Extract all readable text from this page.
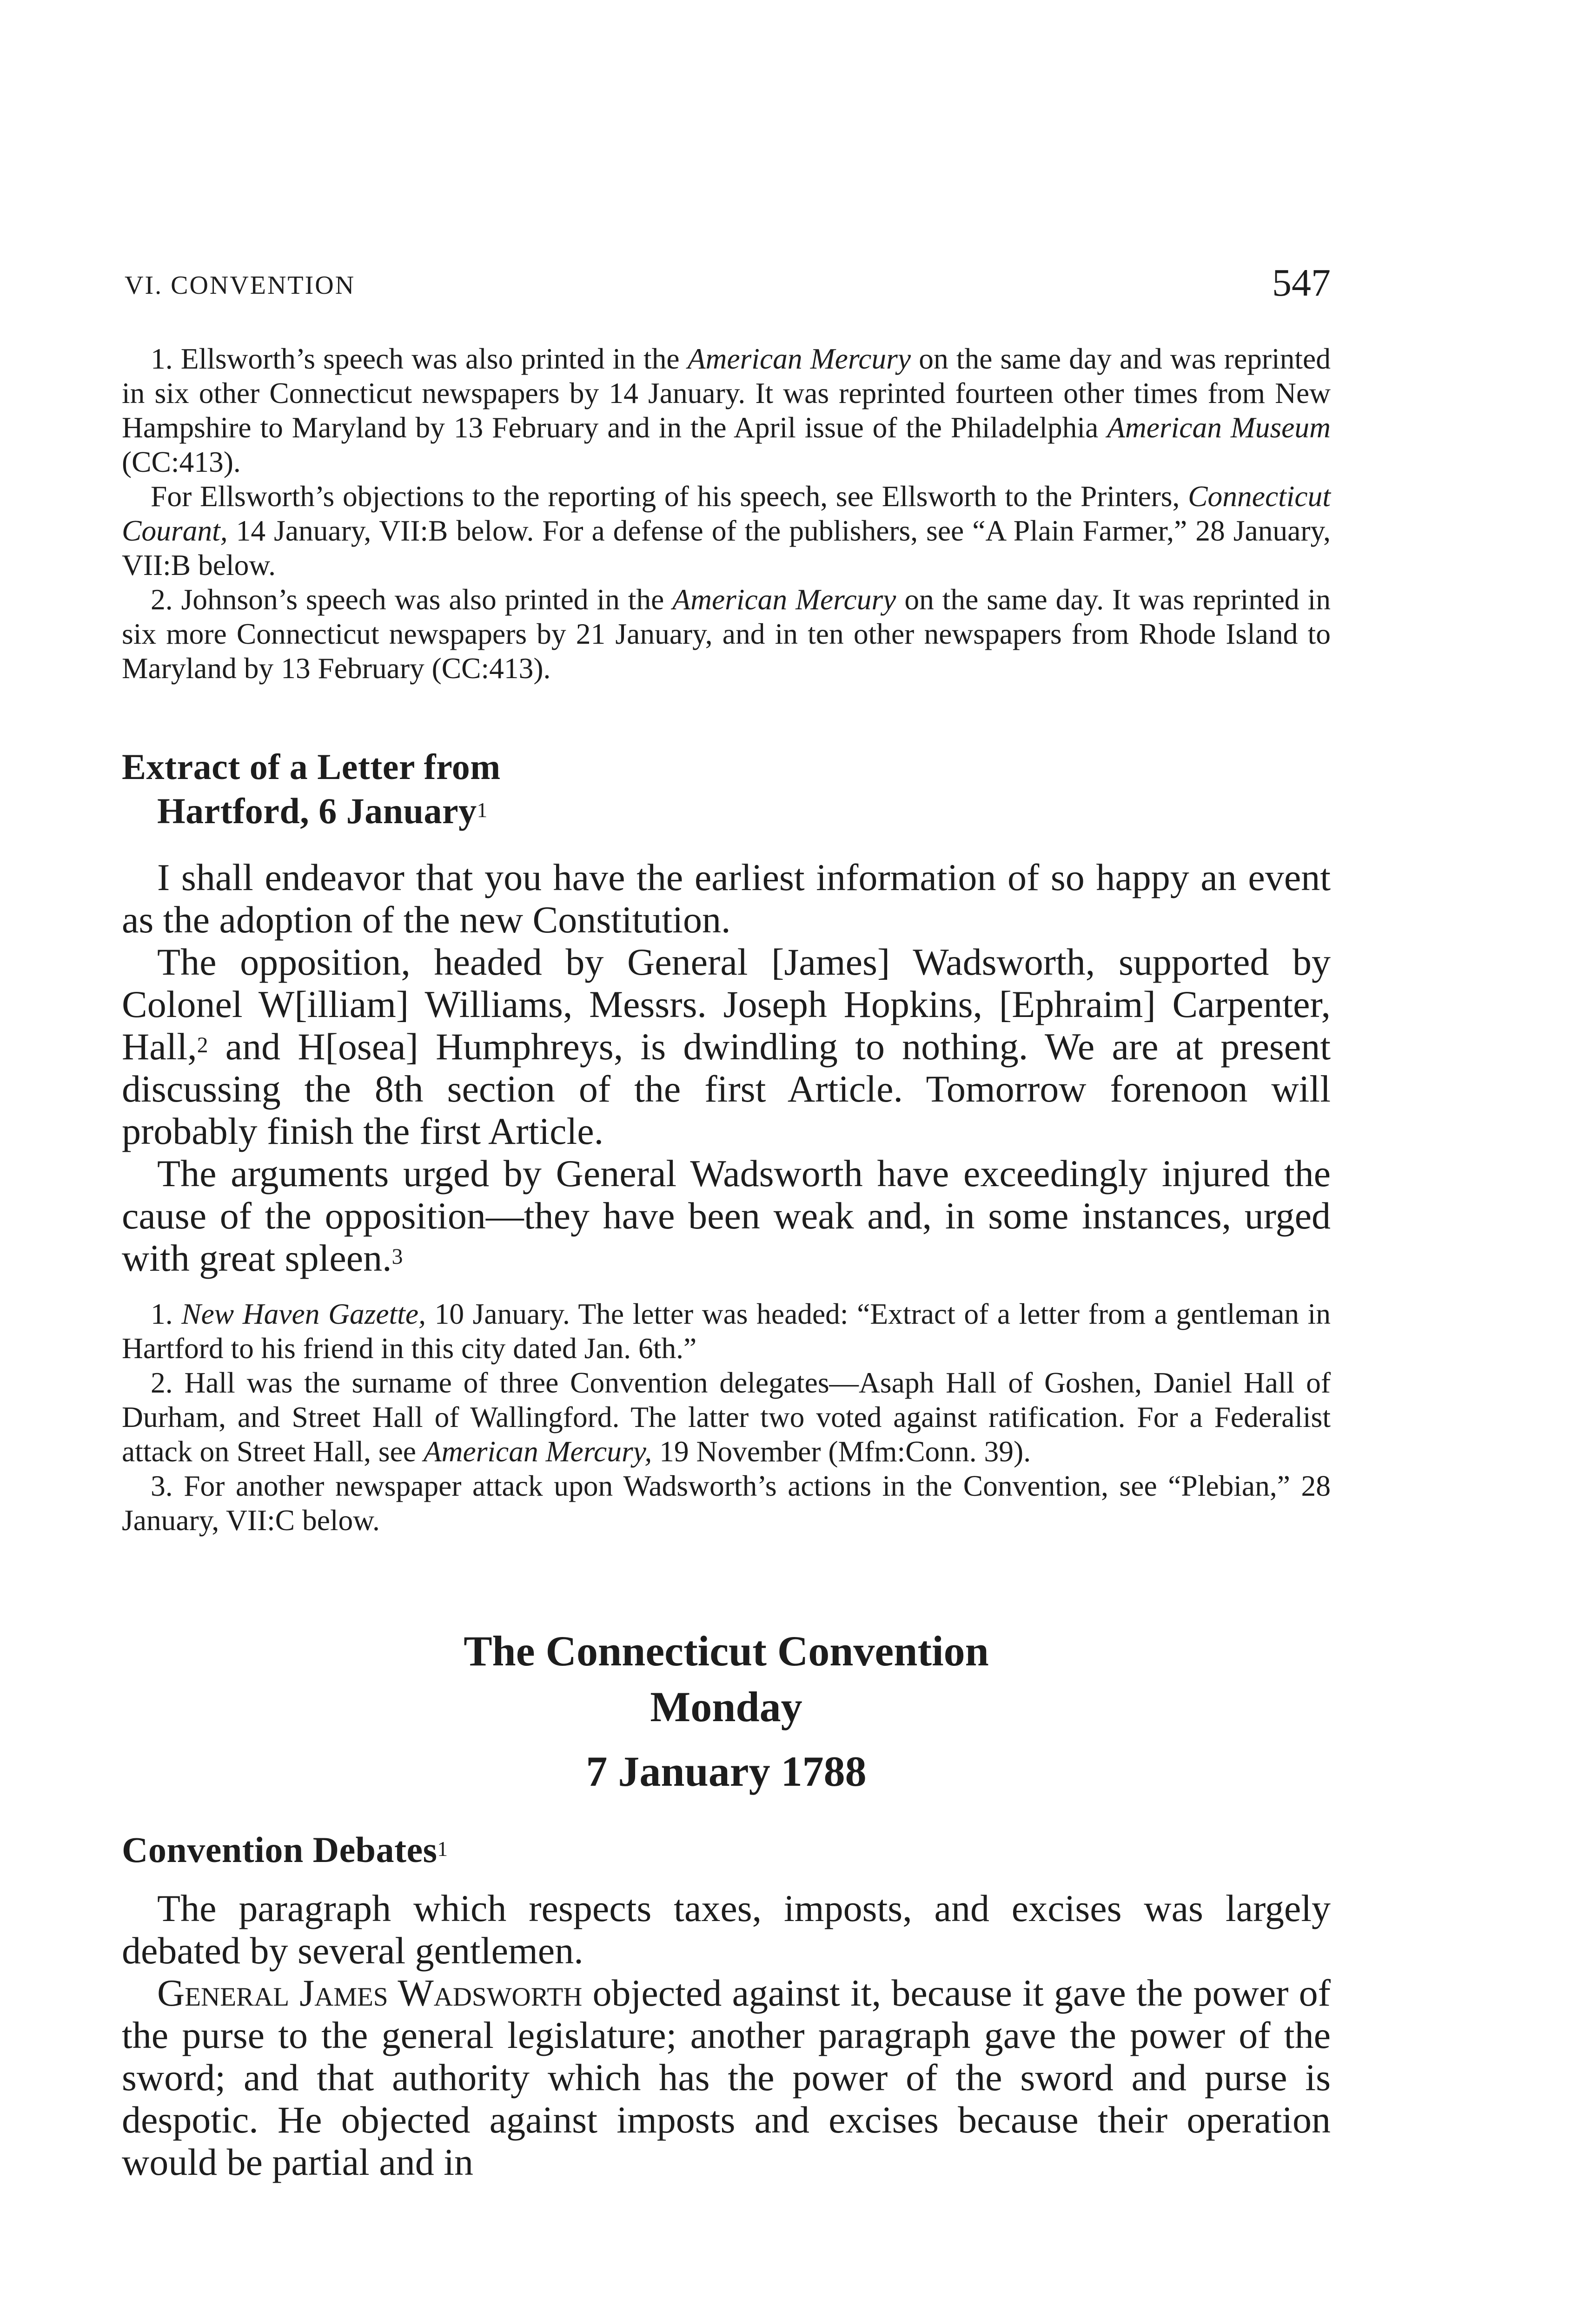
VI. CONVENTION	547

1. Ellsworth’s speech was also printed in the American Mercury on the same day and was reprinted in six other Connecticut newspapers by 14 January. It was reprinted fourteen other times from New Hampshire to Maryland by 13 February and in the April issue of the Philadelphia American Museum (CC:413).

For Ellsworth’s objections to the reporting of his speech, see Ellsworth to the Printers, Connecticut Courant, 14 January, VII:B below. For a defense of the publishers, see “A Plain Farmer,” 28 January, VII:B below.

2. Johnson’s speech was also printed in the American Mercury on the same day. It was reprinted in six more Connecticut newspapers by 21 January, and in ten other newspapers from Rhode Island to Maryland by 13 February (CC:413).

Extract of a Letter from
Hartford, 6 January$^1$

I shall endeavor that you have the earliest information of so happy an event as the adoption of the new Constitution.

The opposition, headed by General [James] Wadsworth, supported by Colonel W[illiam] Williams, Messrs. Joseph Hopkins, [Ephraim] Carpenter, Hall,$^2$ and H[osea] Humphreys, is dwindling to nothing. We are at present discussing the 8th section of the first Article. Tomorrow forenoon will probably finish the first Article.

The arguments urged by General Wadsworth have exceedingly injured the cause of the opposition—they have been weak and, in some instances, urged with great spleen.$^3$

1. New Haven Gazette, 10 January. The letter was headed: “Extract of a letter from a gentleman in Hartford to his friend in this city dated Jan. 6th.”

2. Hall was the surname of three Convention delegates—Asaph Hall of Goshen, Daniel Hall of Durham, and Street Hall of Wallingford. The latter two voted against ratification. For a Federalist attack on Street Hall, see American Mercury, 19 November (Mfm:Conn. 39).

3. For another newspaper attack upon Wadsworth’s actions in the Convention, see “Plebian,” 28 January, VII:C below.

The Connecticut Convention
Monday
7 January 1788
Convention Debates$^1$

The paragraph which respects taxes, imposts, and excises was largely debated by several gentlemen.

General James Wadsworth objected against it, because it gave the power of the purse to the general legislature; another paragraph gave the power of the sword; and that authority which has the power of the sword and purse is despotic. He objected against imposts and excises because their operation would be partial and in
